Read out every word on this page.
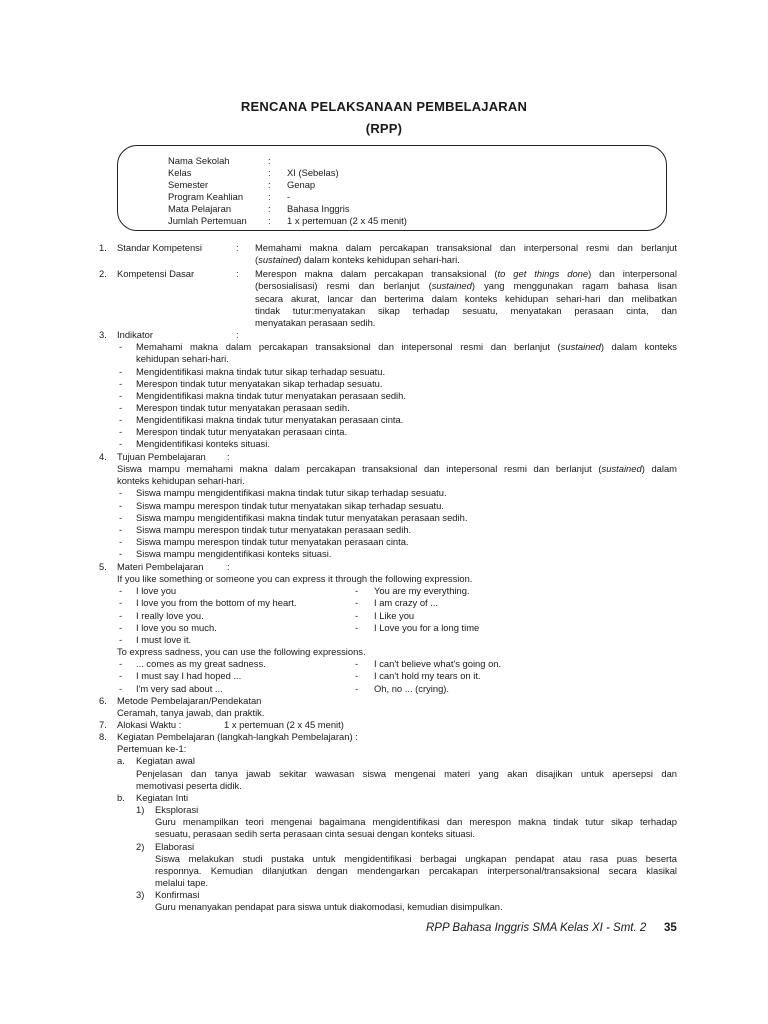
RENCANA PELAKSANAAN PEMBELAJARAN
(RPP)
Nama Sekolah	:
Kelas	: XI (Sebelas)
Semester	: Genap
Program Keahlian	: -
Mata Pelajaran	: Bahasa Inggris
Jumlah Pertemuan : 1 x pertemuan (2 x 45 menit)
1. Standar Kompetensi	: Memahami makna dalam percakapan transaksional dan interpersonal resmi dan berlanjut
(sustained) dalam konteks kehidupan sehari-hari.
2. Kompetensi Dasar	: Merespon makna dalam percakapan transaksional (to get things done) dan interpersonal
(bersosialisasi) resmi dan berlanjut (sustained) yang menggunakan ragam bahasa lisan
secara akurat, lancar dan berterima dalam konteks kehidupan sehari-hari dan melibatkan
tindak tutur:menyatakan sikap terhadap sesuatu, menyatakan perasaan cinta, dan
menyatakan perasaan sedih.
3. Indikator	:
- Memahami makna dalam percakapan transaksional dan intepersonal resmi dan berlanjut (sustained) dalam konteks
kehidupan sehari-hari.
- Mengidentifikasi makna tindak tutur sikap terhadap sesuatu.
- Merespon tindak tutur menyatakan sikap terhadap sesuatu.
- Mengidentifikasi makna tindak tutur menyatakan perasaan sedih.
- Merespon tindak tutur menyatakan perasaan sedih.
- Mengidentifikasi makna tindak tutur menyatakan perasaan cinta.
- Merespon tindak tutur menyatakan perasaan cinta.
- Mengidentifikasi konteks situasi.
4. Tujuan Pembelajaran :
Siswa mampu memahami makna dalam percakapan transaksional dan intepersonal resmi dan berlanjut (sustained) dalam
konteks kehidupan sehari-hari.
- Siswa mampu mengidentifikasi makna tindak tutur sikap terhadap sesuatu.
- Siswa mampu merespon tindak tutur menyatakan sikap terhadap sesuatu.
- Siswa mampu mengidentifikasi makna tindak tutur menyatakan perasaan sedih.
- Siswa mampu merespon tindak tutur menyatakan perasaan sedih.
- Siswa mampu merespon tindak tutur menyatakan perasaan cinta.
- Siswa mampu mengidentifikasi konteks situasi.
5. Materi Pembelajaran	:
If you like something or someone you can express it through the following expression.
- I love you	- You are my everything.
- I love you from the bottom of my heart.	- I am crazy of ...
- I really love you.	- I Like you
- I love you so much.	- I Love you for a long time
- I must love it.
To express sadness, you can use the following expressions.
- ... comes as my great sadness.	- I can't believe what's going on.
- I must say I had hoped ...	- I can't hold my tears on it.
- I'm very sad about ...	- Oh, no ... (crying).
6. Metode Pembelajaran/Pendekatan
Ceramah, tanya jawab, dan praktik.
7. Alokasi Waktu :	1 x pertemuan (2 x 45 menit)
8. Kegiatan Pembelajaran (langkah-langkah Pembelajaran) :
Pertemuan ke-1:
a. Kegiatan awal
Penjelasan dan tanya jawab sekitar wawasan siswa mengenai materi yang akan disajikan untuk apersepsi dan
memotivasi peserta didik.
b. Kegiatan Inti
1) Eksplorasi
Guru menampilkan teori mengenai bagaimana mengidentifikasi dan merespon makna tindak tutur sikap terhadap
sesuatu, perasaan sedih serta perasaan cinta sesuai dengan konteks situasi.
2) Elaborasi
Siswa melakukan studi pustaka untuk mengidentifikasi berbagai ungkapan pendapat atau rasa puas beserta
responnya. Kemudian dilanjutkan dengan mendengarkan percakapan interpersonal/transaksional secara klasikal
melalui tape.
3) Konfirmasi
Guru menanyakan pendapat para siswa untuk diakomodasi, kemudian disimpulkan.
RPP Bahasa Inggris SMA Kelas XI - Smt. 2 35
